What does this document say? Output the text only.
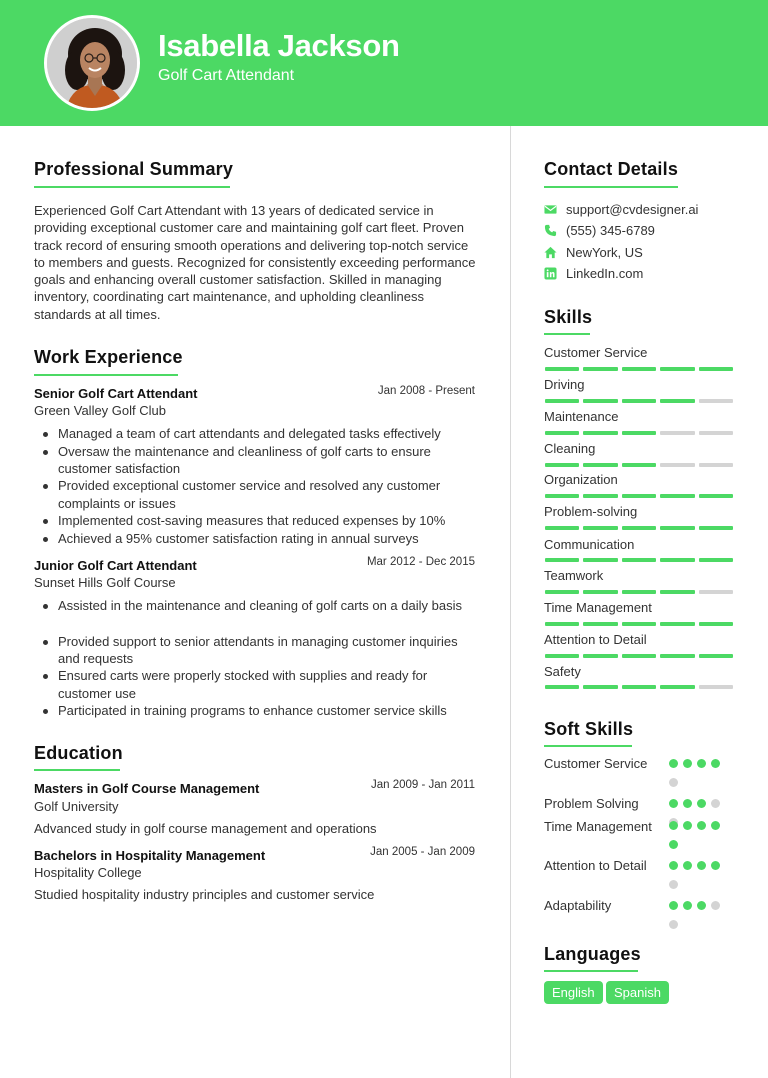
Isabella Jackson
Golf Cart Attendant
Professional Summary
Experienced Golf Cart Attendant with 13 years of dedicated service in providing exceptional customer care and maintaining golf cart fleet. Proven track record of ensuring smooth operations and delivering top-notch service to members and guests. Recognized for consistently exceeding performance goals and enhancing overall customer satisfaction. Skilled in managing inventory, coordinating cart maintenance, and upholding cleanliness standards at all times.
Work Experience
Senior Golf Cart Attendant	Jan 2008 - Present
Green Valley Golf Club
Managed a team of cart attendants and delegated tasks effectively
Oversaw the maintenance and cleanliness of golf carts to ensure customer satisfaction
Provided exceptional customer service and resolved any customer complaints or issues
Implemented cost-saving measures that reduced expenses by 10%
Achieved a 95% customer satisfaction rating in annual surveys
Junior Golf Cart Attendant	Mar 2012 - Dec 2015
Sunset Hills Golf Course
Assisted in the maintenance and cleaning of golf carts on a daily basis
Provided support to senior attendants in managing customer inquiries and requests
Ensured carts were properly stocked with supplies and ready for customer use
Participated in training programs to enhance customer service skills
Education
Masters in Golf Course Management	Jan 2009 - Jan 2011
Golf University
Advanced study in golf course management and operations
Bachelors in Hospitality Management	Jan 2005 - Jan 2009
Hospitality College
Studied hospitality industry principles and customer service
Contact Details
support@cvdesigner.ai
(555) 345-6789
NewYork, US
LinkedIn.com
Skills
Customer Service
Driving
Maintenance
Cleaning
Organization
Problem-solving
Communication
Teamwork
Time Management
Attention to Detail
Safety
Soft Skills
Customer Service
Problem Solving
Time Management
Attention to Detail
Adaptability
Languages
English	Spanish
